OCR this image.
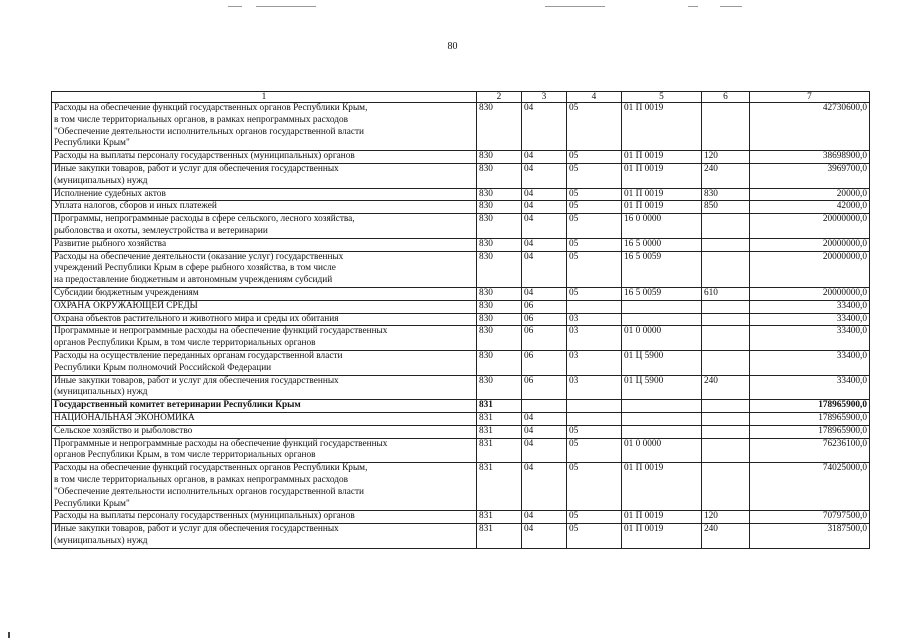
80
1	2	3	4	5	6	7
Расходы на обеспечение функций государственных органов Республики Крым,
в том числе территориальных органов, в рамках непрограммных расходов
"Обеспечение деятельности исполнительных органов государственной власти
Республики Крым"	830	04	05	01 П 0019		42730600,0
Расходы на выплаты персоналу государственных (муниципальных) органов	830	04	05	01 П 0019	120	38698900,0
Иные закупки товаров, работ и услуг для обеспечения государственных
(муниципальных) нужд	830	04	05	01 П 0019	240	3969700,0
Исполнение судебных актов	830	04	05	01 П 0019	830	20000,0
Уплата налогов, сборов и иных платежей	830	04	05	01 П 0019	850	42000,0
Программы, непрограммные расходы в сфере сельского, лесного хозяйства,
рыболовства и охоты, землеустройства и ветеринарии	830	04	05	16 0 0000		20000000,0
Развитие рыбного хозяйства	830	04	05	16 5 0000		20000000,0
Расходы на обеспечение деятельности (оказание услуг) государственных
учреждений Республики Крым в сфере рыбного хозяйства, в том числе
на предоставление бюджетным и автономным учреждениям субсидий	830	04	05	16 5 0059		20000000,0
Субсидии бюджетным учреждениям	830	04	05	16 5 0059	610	20000000,0
ОХРАНА ОКРУЖАЮЩЕЙ СРЕДЫ	830	06				33400,0
Охрана объектов растительного и животного мира и среды их обитания	830	06	03			33400,0
Программные и непрограммные расходы на обеспечение функций государственных
органов Республики Крым, в том числе территориальных органов	830	06	03	01 0 0000		33400,0
Расходы на осуществление переданных органам государственной власти
Республики Крым полномочий Российской Федерации	830	06	03	01 Ц 5900		33400,0
Иные закупки товаров, работ и услуг для обеспечения государственных
(муниципальных) нужд	830	06	03	01 Ц 5900	240	33400,0
Государственный комитет ветеринарии Республики Крым	831					178965900,0
НАЦИОНАЛЬНАЯ ЭКОНОМИКА	831	04				178965900,0
Сельское хозяйство и рыболовство	831	04	05			178965900,0
Программные и непрограммные расходы на обеспечение функций государственных
органов Республики Крым, в том числе территориальных органов	831	04	05	01 0 0000		76236100,0
Расходы на обеспечение функций государственных органов Республики Крым,
в том числе территориальных органов, в рамках непрограммных расходов
"Обеспечение деятельности исполнительных органов государственной власти
Республики Крым"	831	04	05	01 П 0019		74025000,0
Расходы на выплаты персоналу государственных (муниципальных) органов	831	04	05	01 П 0019	120	70797500,0
Иные закупки товаров, работ и услуг для обеспечения государственных
(муниципальных) нужд	831	04	05	01 П 0019	240	3187500,0
